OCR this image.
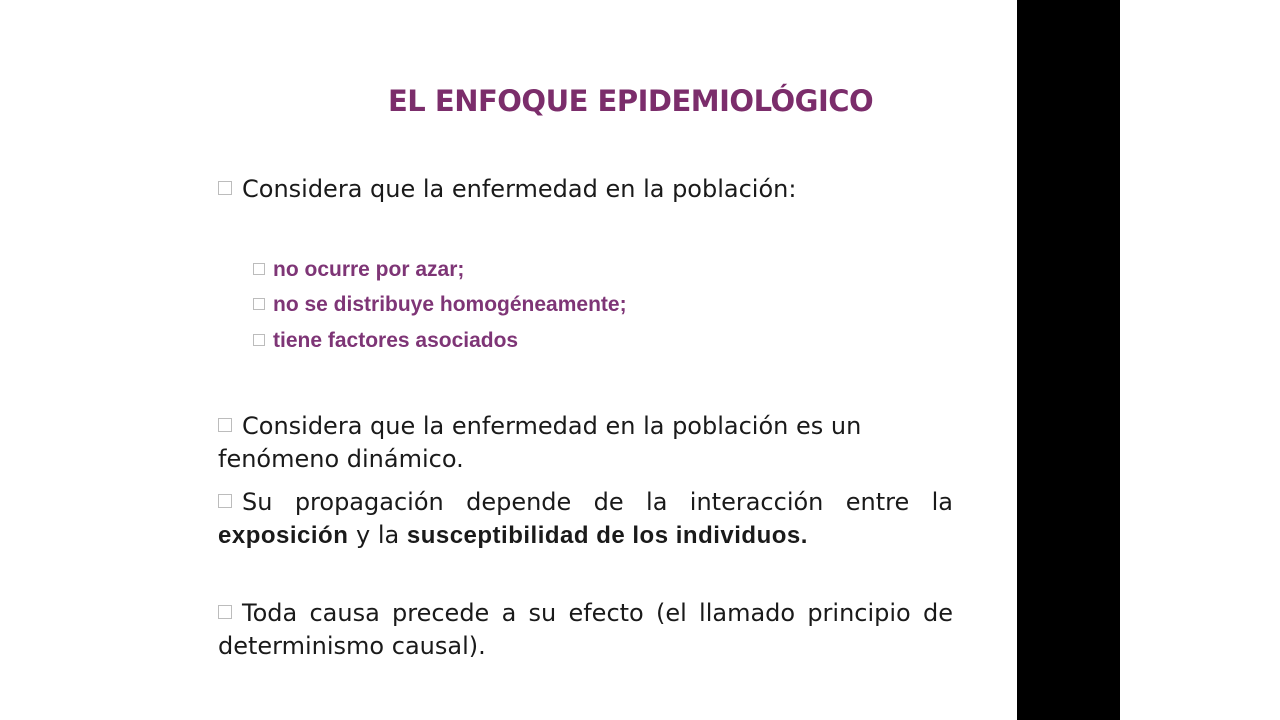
EL ENFOQUE EPIDEMIOLÓGICO
Considera que la enfermedad en la población:
no ocurre por azar;
no se distribuye homogéneamente;
tiene factores asociados
Considera que la enfermedad en la población es un fenómeno dinámico.
Su propagación depende de la interacción entre la exposición y la susceptibilidad de los individuos.
Toda causa precede a su efecto (el llamado principio de determinismo causal).
